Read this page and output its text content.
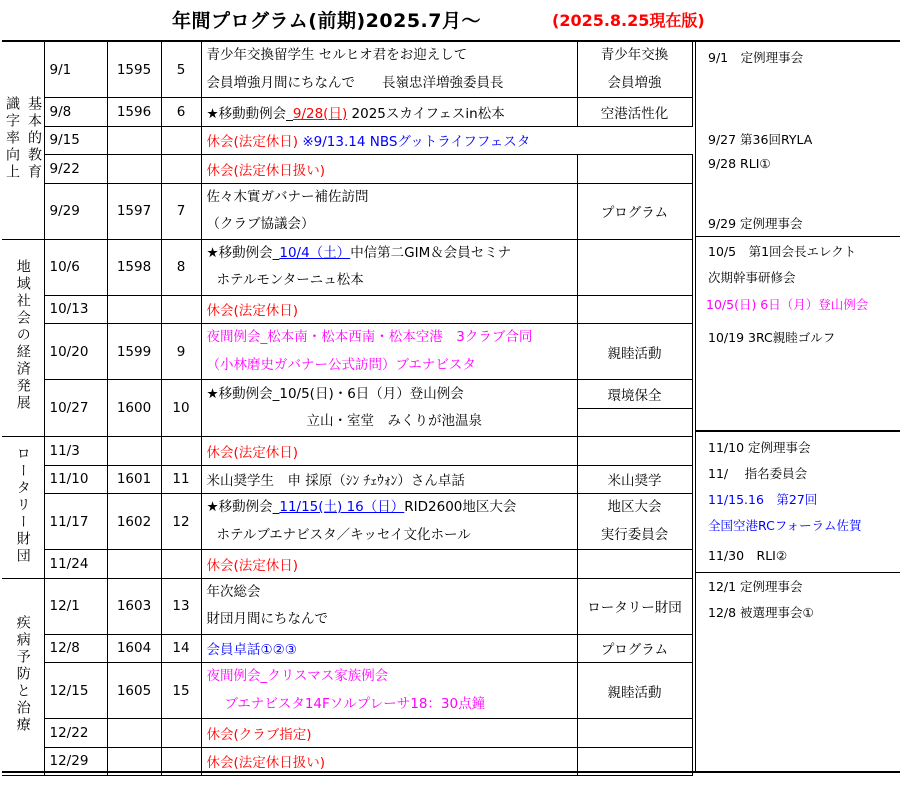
年間プログラム(前期)2025.7月～	(2025.8.25現在版)
基本的教育
識字率向上	9/1	1595	5	青少年交換留学生 セルヒオ君をお迎えして
会員増強月間にちなんで　　 長嶺忠洋増強委員長	青少年交換
会員増強

	9/8	1596	6	★移動動例会_9/28(日) 2025スカイフェスin松本	空港活性化
	9/15			休会(法定休日) ※9/13.14 NBSグットライフフェスタ	
	9/22			休会(法定休日扱い)	
	9/29	1597	7	佐々木實ガバナー補佐訪問
（クラブ協議会）	プログラム

地域社会の経済発展	10/6	1598	8	★移動例会_10/4（土）中信第二GIM＆会員セミナ
ホテルモンターニュ松本	

	10/13			休会(法定休日)	
	10/20	1599	9	夜間例会_松本南・松本西南・松本空港　3クラブ合同
（小林磨史ガバナー公式訪問）ブエナビスタ	親睦活動

	10/27	1600	10	★移動例会_10/5(日)・6日（月）登山例会
立山・室堂　みくりが池温泉	環境保全

ロータリー財団	11/3			休会(法定休日)	
	11/10	1601	11	米山奨学生　申 採原（ｼﾝ ﾁｪｳｫﾝ）さん卓話	米山奨学
	11/17	1602	12	★移動例会_11/15(土) 16（日）RID2600地区大会
ホテルブエナビスタ／キッセイ文化ホール	地区大会
実行委員会

	11/24			休会(法定休日)	
疾病予防と治療	12/1	1603	13	年次総会
財団月間にちなんで	ロータリー財団

	12/8	1604	14	会員卓話①②③	プログラム
	12/15	1605	15	夜間例会_クリスマス家族例会
ブエナビスタ14Fソルプレーサ18：30点鐘	親睦活動

	12/22			休会(クラブ指定)	
	12/29			休会(法定休日扱い)	
9/1　定例理事会
9/27 第36回RYLA
9/28 RLI①
9/29 定例理事会
10/5　第1回会長エレクト
次期幹事研修会
10/5(日) 6日（月）登山例会
10/19 3RC親睦ゴルフ
11/10 定例理事会
11/　 指名委員会
11/15.16　第27回
全国空港RCフォーラム佐賀
11/30　RLI②
12/1 定例理事会
12/8 被選理事会①
